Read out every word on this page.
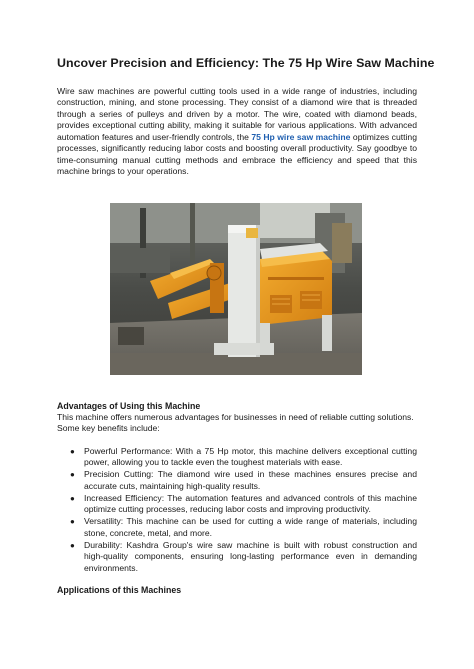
Uncover Precision and Efficiency: The 75 Hp Wire Saw Machine

Wire saw machines are powerful cutting tools used in a wide range of industries, including construction, mining, and stone processing. They consist of a diamond wire that is threaded through a series of pulleys and driven by a motor. The wire, coated with diamond beads, provides exceptional cutting ability, making it suitable for various applications. With advanced automation features and user-friendly controls, the 75 Hp wire saw machine optimizes cutting processes, significantly reducing labor costs and boosting overall productivity. Say goodbye to time-consuming manual cutting methods and embrace the efficiency and speed that this machine brings to your operations.

Advantages of Using this Machine

This machine offers numerous advantages for businesses in need of reliable cutting solutions. Some key benefits include:

● Powerful Performance: With a 75 Hp motor, this machine delivers exceptional cutting power, allowing you to tackle even the toughest materials with ease.
● Precision Cutting: The diamond wire used in these machines ensures precise and accurate cuts, maintaining high-quality results.
● Increased Efficiency: The automation features and advanced controls of this machine optimize cutting processes, reducing labor costs and improving productivity.
● Versatility: This machine can be used for cutting a wide range of materials, including stone, concrete, metal, and more.
● Durability: Kashdra Group's wire saw machine is built with robust construction and high-quality components, ensuring long-lasting performance even in demanding environments.
Applications of this Machines
